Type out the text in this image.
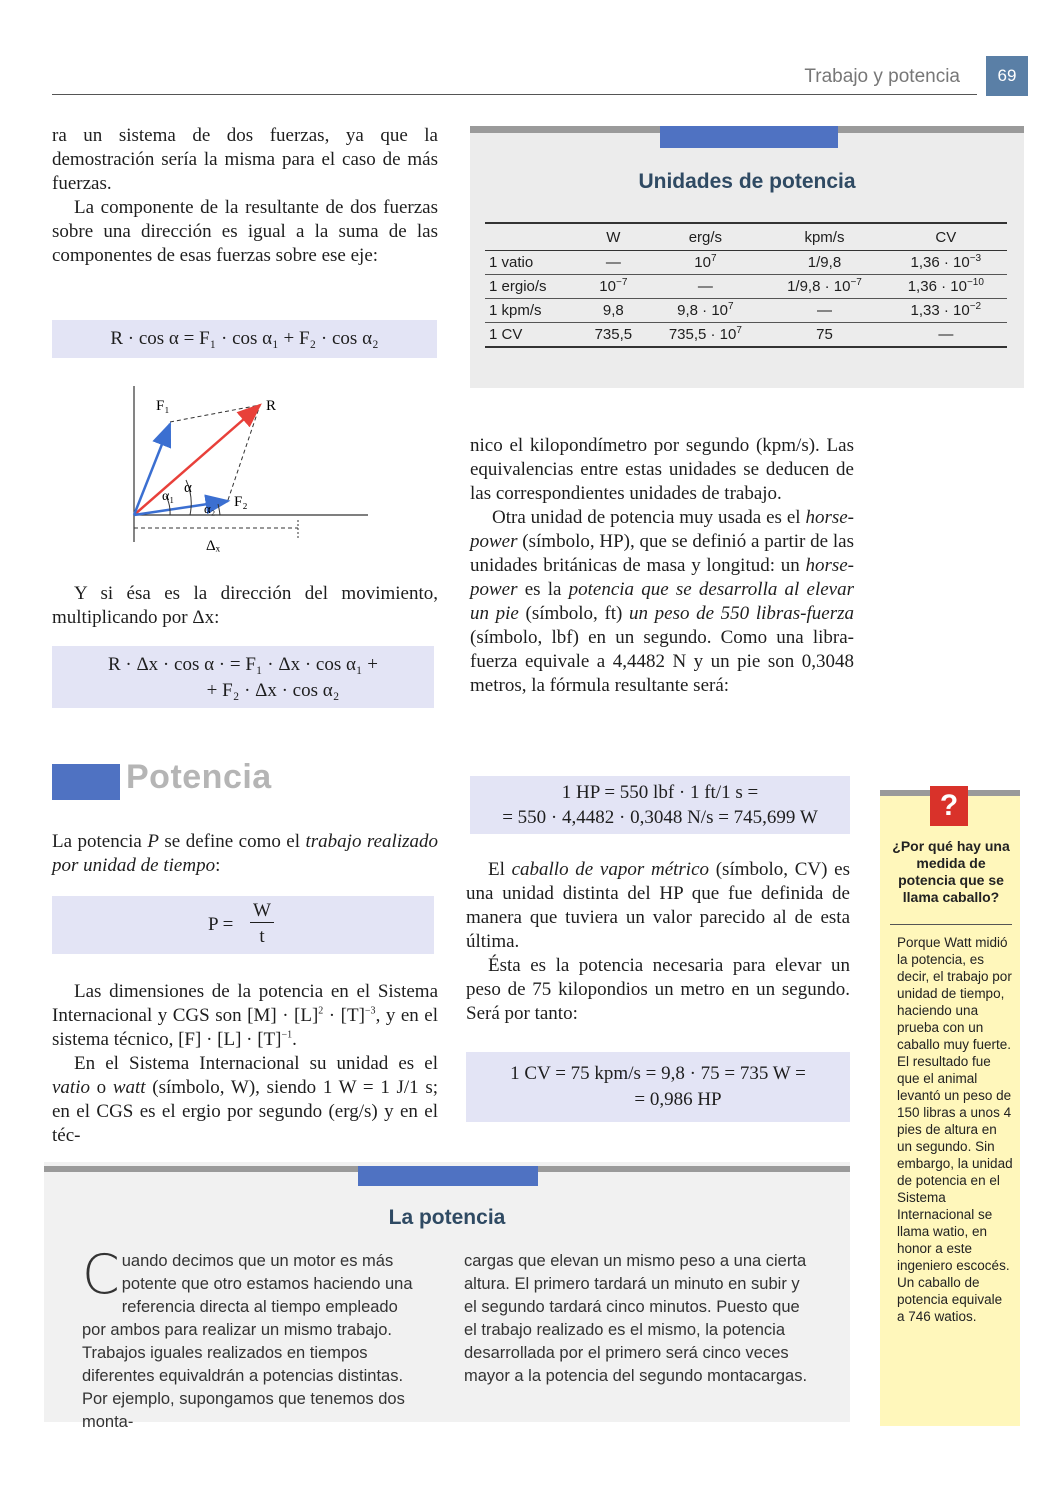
Trabajo y potencia	69

ra un sistema de dos fuerzas, ya que la demostración sería la misma para el caso de más fuerzas.

La componente de la resultante de dos fuerzas sobre una dirección es igual a la suma de las componentes de esas fuerzas sobre ese eje:

R · cos α = F₁ · cos α₁ + F₂ · cos α₂
F₁	R
F₂
α
α₁
α₂
Δₓ
Y si ésa es la dirección del movimiento, multiplicando por Δx:
R · Δx · cos α · = F₁ · Δx · cos α₁ +
+ F₂ · Δx · cos α₂
Potencia
La potencia P se define como el trabajo realizado por unidad de tiempo:
P =
W
t

Las dimensiones de la potencia en el Sistema Internacional y CGS son $[M] \cdot [L]^2 \cdot [T]^{-3}$, y en el sistema técnico, $[F] \cdot [L] \cdot [T]^{-1}$.

En el Sistema Internacional su unidad es el vatio o watt (símbolo, W), siendo 1 W = 1 J/1 s; en el CGS es el ergio por segundo (erg/s) y en el téc-

Unidades de potencia
	W	erg/s	kpm/s	CV
1 vatio	—	$10^7$	1/9,8	$1,36 \cdot 10^{-3}$
1 ergio/s	$10^{-7}$	—	$1/9,8 \cdot 10^{-7}$	$1,36 \cdot 10^{-10}$
1 kpm/s	9,8	$9,8 \cdot 10^7$	—	$1,33 \cdot 10^{-2}$
1 CV	735,5	$735,5 \cdot 10^7$	75	—

nico el kilopondímetro por segundo (kpm/s). Las equivalencias entre estas unidades se deducen de las correspondientes unidades de trabajo.

Otra unidad de potencia muy usada es el horse-power (símbolo, HP), que se definió a partir de las unidades británicas de masa y longitud: un horse-power es la potencia que se desarrolla al elevar un pie (símbolo, ft) un peso de 550 libras-fuerza (símbolo, lbf) en un segundo. Como una libra-fuerza equivale a 4,4482 N y un pie son 0,3048 metros, la fórmula resultante será:

1 HP = 550 lbf · 1 ft/1 s =
= 550 · 4,4482 · 0,3048 N/s = 745,699 W

El caballo de vapor métrico (símbolo, CV) es una unidad distinta del HP que fue definida de manera que tuviera un valor parecido al de esta última.

Ésta es la potencia necesaria para elevar un peso de 75 kilopondios un metro en un segundo. Será por tanto:

1 CV = 75 kpm/s = 9,8 · 75 = 735 W =
= 0,986 HP
La potencia
Cuando decimos que un motor es más potente que otro estamos haciendo una referencia directa al tiempo empleado por ambos para realizar un mismo trabajo. Trabajos iguales realizados en tiempos diferentes equivaldrán a potencias distintas. Por ejemplo, supongamos que tenemos dos monta-
cargas que elevan un mismo peso a una cierta altura. El primero tardará un minuto en subir y el segundo tardará cinco minutos. Puesto que el trabajo realizado es el mismo, la potencia desarrollada por el primero será cinco veces mayor a la potencia del segundo montacargas.
?
¿Por qué hay una medida de potencia que se llama caballo?
Porque Watt midió la potencia, es decir, el trabajo por unidad de tiempo, haciendo una prueba con un caballo muy fuerte.
El resultado fue que el animal levantó un peso de 150 libras a unos 4 pies de altura en un segundo. Sin embargo, la unidad de potencia en el Sistema Internacional se llama watio, en honor a este ingeniero escocés.
Un caballo de potencia equivale a 746 watios.
